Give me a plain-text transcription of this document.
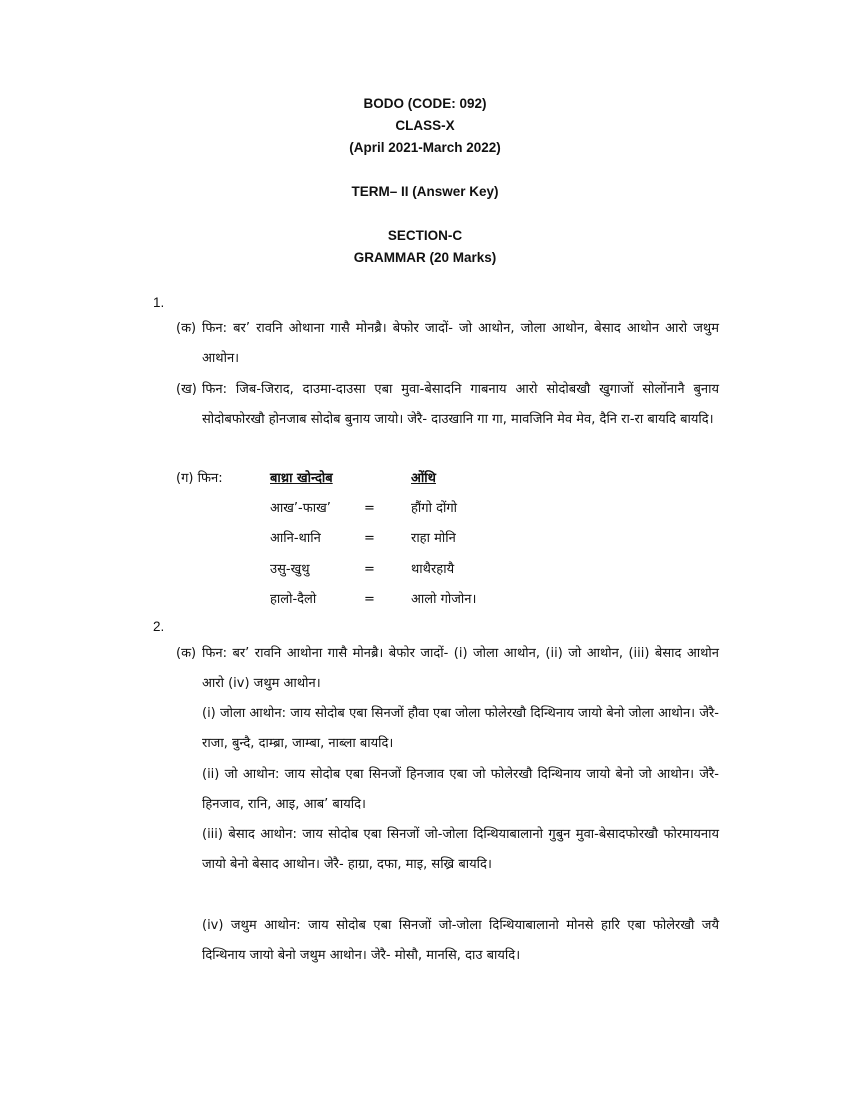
BODO (CODE: 092)

CLASS-X

(April 2021-March 2022)

TERM– II (Answer Key)

SECTION-C

GRAMMAR (20 Marks)

1.
(क) फिन: बर’ रावनि ओथाना गासै मोनब्रै। बेफोर जादों- जो आथोन, जोला आथोन, बेसाद आथोन आरो जथुम आथोन।

(ख) फिन: जिब-जिराद, दाउमा-दाउसा एबा मुवा-बेसादनि गाबनाय आरो सोदोबखौ खुगाजों सोलोंनानै बुनाय सोदोबफोरखौ होनजाब सोदोब बुनाय जायो। जेरै- दाउखानि गा गा, मावजिनि मेव मेव, दैनि रा-रा बायदि बायदि।

(ग) फिन:	बाथ्रा खोन्दोब	ओंथि
आख’-फाख’	=	हौंगो दोंगो
आनि-थानि	=	राहा मोनि
उसु-खुथु	=	थाथैरहायै
हालो-दैलो	=	आलो गोजोन।
2.
(क) फिन: बर’ रावनि आथोना गासै मोनब्रै। बेफोर जादों- (i) जोला आथोन, (ii) जो आथोन, (iii) बेसाद आथोन आरो (iv) जथुम आथोन।

(i) जोला आथोन: जाय सोदोब एबा सिनजों हौवा एबा जोला फोलेरखौ दिन्थिनाय जायो बेनो जोला आथोन। जेरै- राजा, बुन्दै, दाम्ब्रा, जाम्बा, नाब्ला बायदि।

(ii) जो आथोन: जाय सोदोब एबा सिनजों हिनजाव एबा जो फोलेरखौ दिन्थिनाय जायो बेनो जो आथोन। जेरै- हिनजाव, रानि, आइ, आब’ बायदि।

(iii) बेसाद आथोन: जाय सोदोब एबा सिनजों जो-जोला दिन्थियाबालानो गुबुन मुवा-बेसादफोरखौ फोरमायनाय जायो बेनो बेसाद आथोन। जेरै- हाग्रा, दफा, माइ, सख्रि बायदि।

(iv) जथुम आथोन: जाय सोदोब एबा सिनजों जो-जोला दिन्थियाबालानो मोनसे हारि एबा फोलेरखौ जयै दिन्थिनाय जायो बेनो जथुम आथोन। जेरै- मोसौ, मानसि, दाउ बायदि।
